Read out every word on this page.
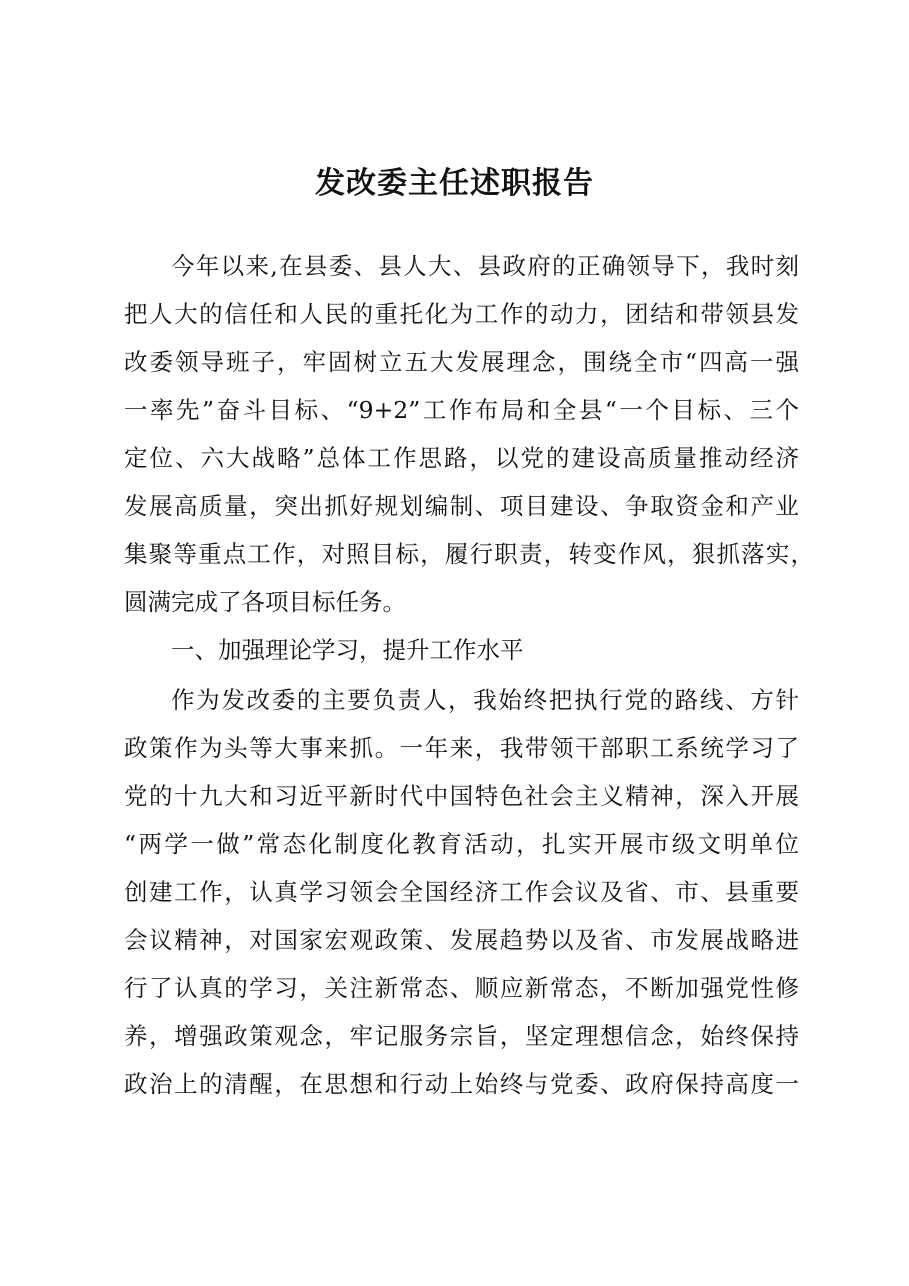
发改委主任述职报告

今年以来,在县委、县人大、县政府的正确领导下，我时刻

把人大的信任和人民的重托化为工作的动力，团结和带领县发

改委领导班子，牢固树立五大发展理念，围绕全市“四高一强

一率先”奋斗目标、“9+2”工作布局和全县“一个目标、三个

定位、六大战略”总体工作思路，以党的建设高质量推动经济

发展高质量，突出抓好规划编制、项目建设、争取资金和产业

集聚等重点工作，对照目标，履行职责，转变作风，狠抓落实，

圆满完成了各项目标任务。

一、加强理论学习，提升工作水平

作为发改委的主要负责人，我始终把执行党的路线、方针

政策作为头等大事来抓。一年来，我带领干部职工系统学习了

党的十九大和习近平新时代中国特色社会主义精神，深入开展

“两学一做”常态化制度化教育活动，扎实开展市级文明单位

创建工作，认真学习领会全国经济工作会议及省、市、县重要

会议精神，对国家宏观政策、发展趋势以及省、市发展战略进

行了认真的学习，关注新常态、顺应新常态，不断加强党性修

养，增强政策观念，牢记服务宗旨，坚定理想信念，始终保持

政治上的清醒，在思想和行动上始终与党委、政府保持高度一
